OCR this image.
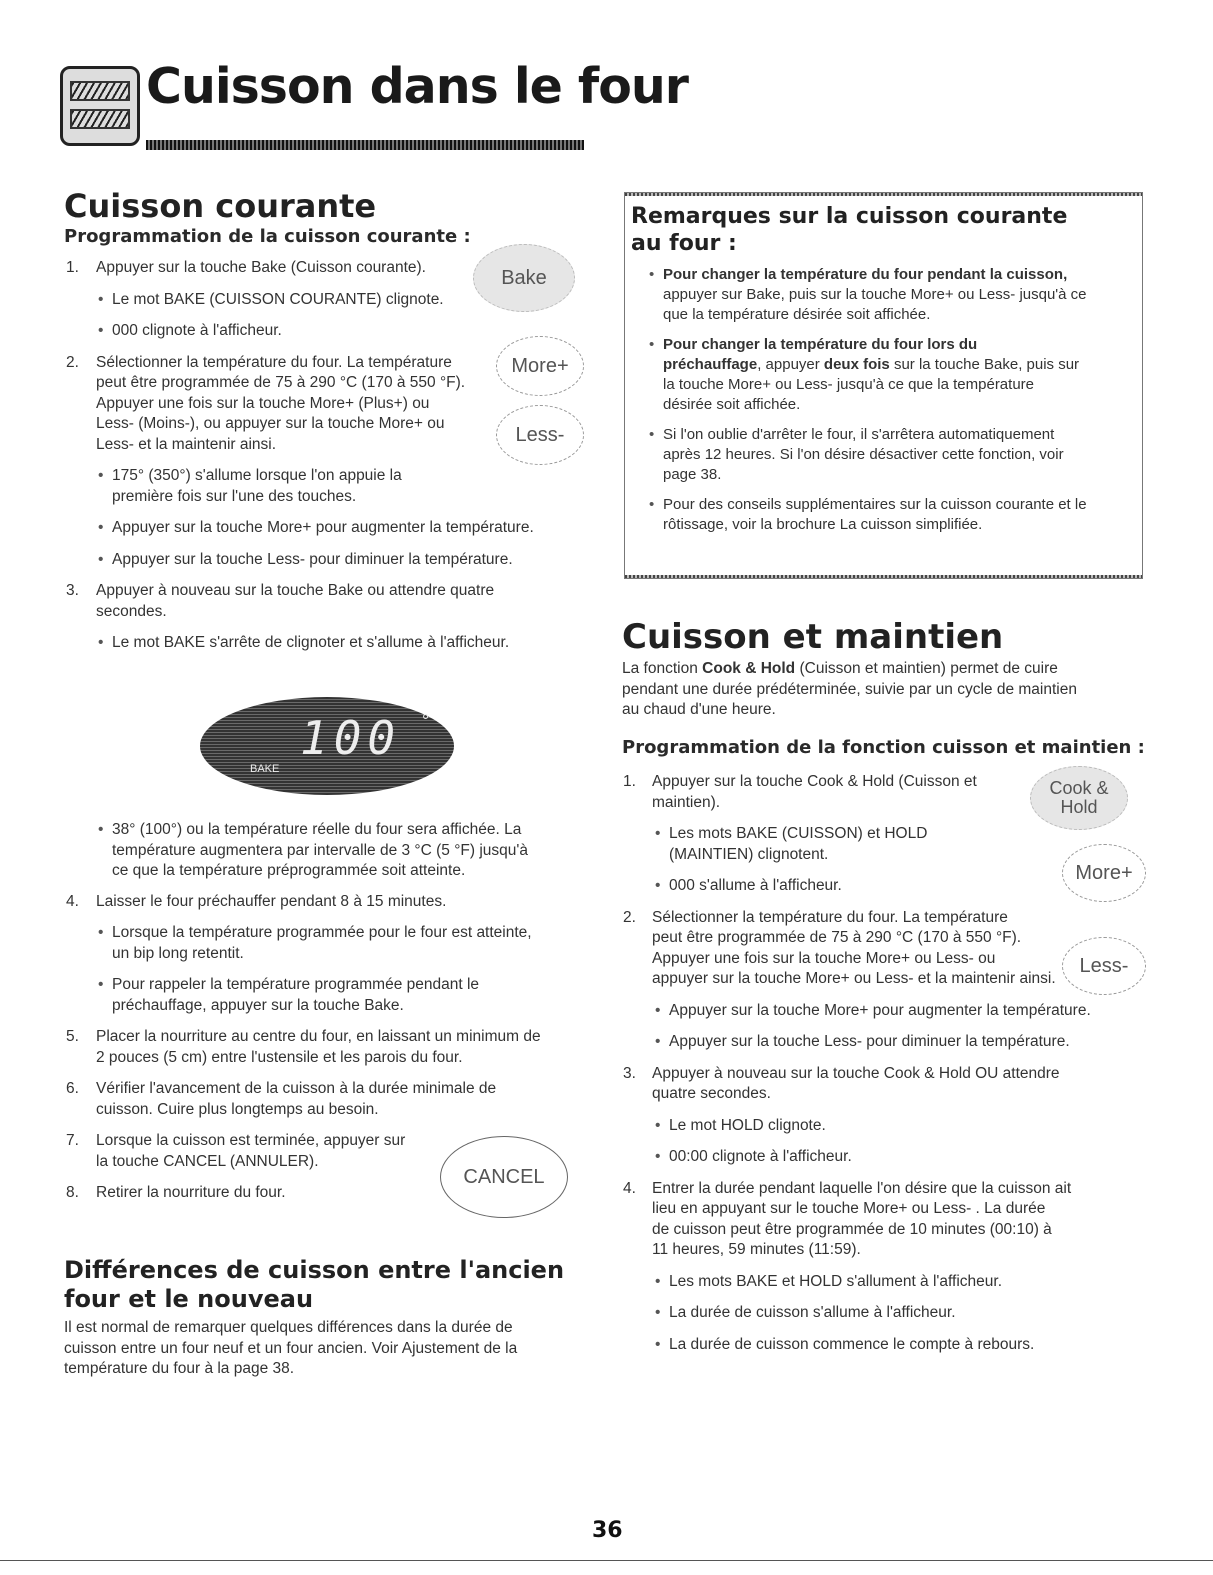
Cuisson dans le four
Cuisson courante
Programmation de la cuisson courante :
Bake
More+
Less-
1. Appuyer sur la touche Bake (Cuisson courante).

• Le mot BAKE (CUISSON COURANTE) clignote.

• 000 clignote à l'afficheur.

2. Sélectionner la température du four. La température

peut être programmée de 75 à 290 °C (170 à 550 °F).

Appuyer une fois sur la touche More+ (Plus+) ou

Less- (Moins-), ou appuyer sur la touche More+ ou

Less- et la maintenir ainsi.

• 175° (350°) s'allume lorsque l'on appuie la

première fois sur l'une des touches.

• Appuyer sur la touche More+ pour augmenter la température.

• Appuyer sur la touche Less- pour diminuer la température.

3. Appuyer à nouveau sur la touche Bake ou attendre quatre

secondes.

• Le mot BAKE s'arrête de clignoter et s'allume à l'afficheur.

100 °
BAKE

• 38° (100°) ou la température réelle du four sera affichée. La

température augmentera par intervalle de 3 °C (5 °F) jusqu'à

ce que la température préprogrammée soit atteinte.

4. Laisser le four préchauffer pendant 8 à 15 minutes.

• Lorsque la température programmée pour le four est atteinte,

un bip long retentit.

• Pour rappeler la température programmée pendant le

préchauffage, appuyer sur la touche Bake.

5. Placer la nourriture au centre du four, en laissant un minimum de

2 pouces (5 cm) entre l'ustensile et les parois du four.

6. Vérifier l'avancement de la cuisson à la durée minimale de

cuisson. Cuire plus longtemps au besoin.

7. Lorsque la cuisson est terminée, appuyer sur

la touche CANCEL (ANNULER).

8. Retirer la nourriture du four.

CANCEL
Différences de cuisson entre l'ancien
four et le nouveau

Il est normal de remarquer quelques différences dans la durée de

cuisson entre un four neuf et un four ancien. Voir Ajustement de la

température du four à la page 38.

Remarques sur la cuisson courante
au four :

• Pour changer la température du four pendant la cuisson,

appuyer sur Bake, puis sur la touche More+ ou Less- jusqu'à ce

que la température désirée soit affichée.

• Pour changer la température du four lors du

préchauffage, appuyer deux fois sur la touche Bake, puis sur

la touche More+ ou Less- jusqu'à ce que la température

désirée soit affichée.

• Si l'on oublie d'arrêter le four, il s'arrêtera automatiquement

après 12 heures. Si l'on désire désactiver cette fonction, voir

page 38.

• Pour des conseils supplémentaires sur la cuisson courante et le

rôtissage, voir la brochure La cuisson simplifiée.

Cuisson et maintien

La fonction Cook & Hold (Cuisson et maintien) permet de cuire

pendant une durée prédéterminée, suivie par un cycle de maintien

au chaud d'une heure.

Programmation de la fonction cuisson et maintien :
Cook &
Hold
More+
Less-
1. Appuyer sur la touche Cook & Hold (Cuisson et

maintien).

• Les mots BAKE (CUISSON) et HOLD

(MAINTIEN) clignotent.

• 000 s'allume à l'afficheur.

2. Sélectionner la température du four. La température

peut être programmée de 75 à 290 °C (170 à 550 °F).

Appuyer une fois sur la touche More+ ou Less- ou

appuyer sur la touche More+ ou Less- et la maintenir ainsi.

• Appuyer sur la touche More+ pour augmenter la température.

• Appuyer sur la touche Less- pour diminuer la température.

3. Appuyer à nouveau sur la touche Cook & Hold OU attendre

quatre secondes.

• Le mot HOLD clignote.

• 00:00 clignote à l'afficheur.

4. Entrer la durée pendant laquelle l'on désire que la cuisson ait

lieu en appuyant sur le touche More+ ou Less- . La durée

de cuisson peut être programmée de 10 minutes (00:10) à

11 heures, 59 minutes (11:59).

• Les mots BAKE et HOLD s'allument à l'afficheur.

• La durée de cuisson s'allume à l'afficheur.

• La durée de cuisson commence le compte à rebours.

36
